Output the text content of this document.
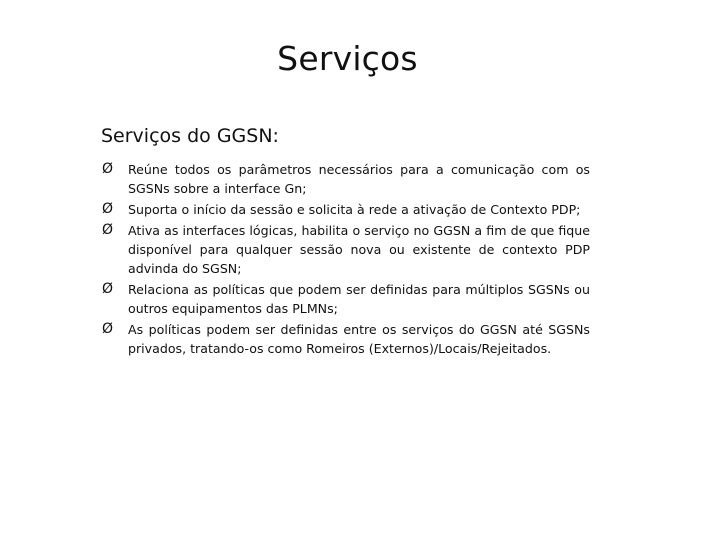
Serviços
Serviços do GGSN:
Ø	Reúne todos os parâmetros necessários para a comunicação com os SGSNs sobre a interface Gn;
Ø	Suporta o início da sessão e solicita à rede a ativação de Contexto PDP;
Ø	Ativa as interfaces lógicas, habilita o serviço no GGSN a fim de que fique disponível para qualquer sessão nova ou existente de contexto PDP advinda do SGSN;
Ø	Relaciona as políticas que podem ser definidas para múltiplos SGSNs ou outros equipamentos das PLMNs;
Ø	As políticas podem ser definidas entre os serviços do GGSN até SGSNs privados, tratando-os como Romeiros (Externos)/Locais/Rejeitados.
